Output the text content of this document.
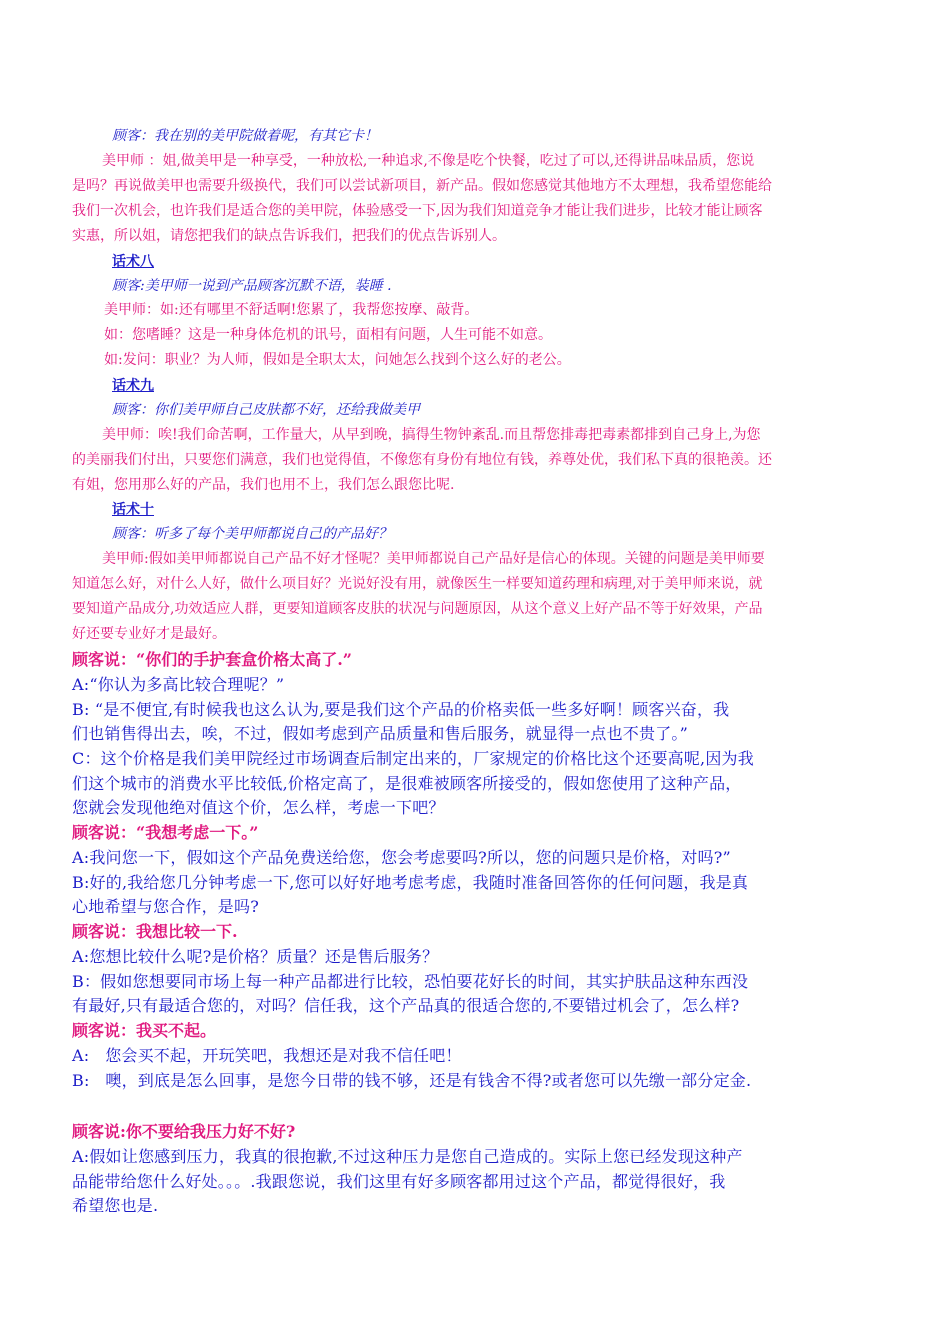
顾客：我在别的美甲院做着呢，有其它卡！
美甲师 ：姐,做美甲是一种享受，一种放松,一种追求,不像是吃个快餐，吃过了可以,还得讲品味品质，您说
是吗？再说做美甲也需要升级换代，我们可以尝试新项目，新产品。假如您感觉其他地方不太理想，我希望您能给
我们一次机会，也许我们是适合您的美甲院，体验感受一下,因为我们知道竞争才能让我们进步，比较才能让顾客
实惠，所以姐，请您把我们的缺点告诉我们，把我们的优点告诉别人。
话术八
顾客:美甲师一说到产品顾客沉默不语，装睡 .
美甲师：如:还有哪里不舒适啊!您累了，我帮您按摩、敲背。
如：您嗜睡？这是一种身体危机的讯号，面相有问题，人生可能不如意。
如:发问：职业？为人师，假如是全职太太，问她怎么找到个这么好的老公。
话术九
顾客：你们美甲师自己皮肤都不好，还给我做美甲
美甲师：唉!我们命苦啊，工作量大，从早到晚，搞得生物钟紊乱.而且帮您排毒把毒素都排到自己身上,为您
的美丽我们付出，只要您们满意，我们也觉得值，不像您有身份有地位有钱，养尊处优，我们私下真的很艳羡。还
有姐，您用那么好的产品，我们也用不上，我们怎么跟您比呢.
话术十
顾客：听多了每个美甲师都说自己的产品好？
美甲师:假如美甲师都说自己产品不好才怪呢？美甲师都说自己产品好是信心的体现。关键的问题是美甲师要
知道怎么好，对什么人好，做什么项目好？光说好没有用，就像医生一样要知道药理和病理,对于美甲师来说，就
要知道产品成分,功效适应人群，更要知道顾客皮肤的状况与问题原因，从这个意义上好产品不等于好效果，产品
好还要专业好才是最好。
顾客说：“你们的手护套盒价格太高了.”
A:“你认为多高比较合理呢？”
B: “是不便宜,有时候我也这么认为,要是我们这个产品的价格卖低一些多好啊！顾客兴奋，我
们也销售得出去，唉，不过，假如考虑到产品质量和售后服务，就显得一点也不贵了。”
C：这个价格是我们美甲院经过市场调查后制定出来的，厂家规定的价格比这个还要高呢,因为我
们这个城市的消费水平比较低,价格定高了，是很难被顾客所接受的，假如您使用了这种产品，
您就会发现他绝对值这个价，怎么样，考虑一下吧？
顾客说：“我想考虑一下。”
A:我问您一下，假如这个产品免费送给您，您会考虑要吗?所以，您的问题只是价格，对吗?”
B:好的,我给您几分钟考虑一下,您可以好好地考虑考虑，我随时准备回答你的任何问题，我是真
心地希望与您合作，是吗?
顾客说：我想比较一下.
A:您想比较什么呢?是价格？质量？还是售后服务？
B：假如您想要同市场上每一种产品都进行比较，恐怕要花好长的时间，其实护肤品这种东西没
有最好,只有最适合您的，对吗？信任我，这个产品真的很适合您的,不要错过机会了，怎么样?
顾客说：我买不起。
A:   您会买不起，开玩笑吧，我想还是对我不信任吧！
B:   噢，到底是怎么回事，是您今日带的钱不够，还是有钱舍不得?或者您可以先缴一部分定金.
顾客说:你不要给我压力好不好?
A:假如让您感到压力，我真的很抱歉,不过这种压力是您自己造成的。实际上您已经发现这种产
品能带给您什么好处。。。.我跟您说，我们这里有好多顾客都用过这个产品，都觉得很好，我
希望您也是.
